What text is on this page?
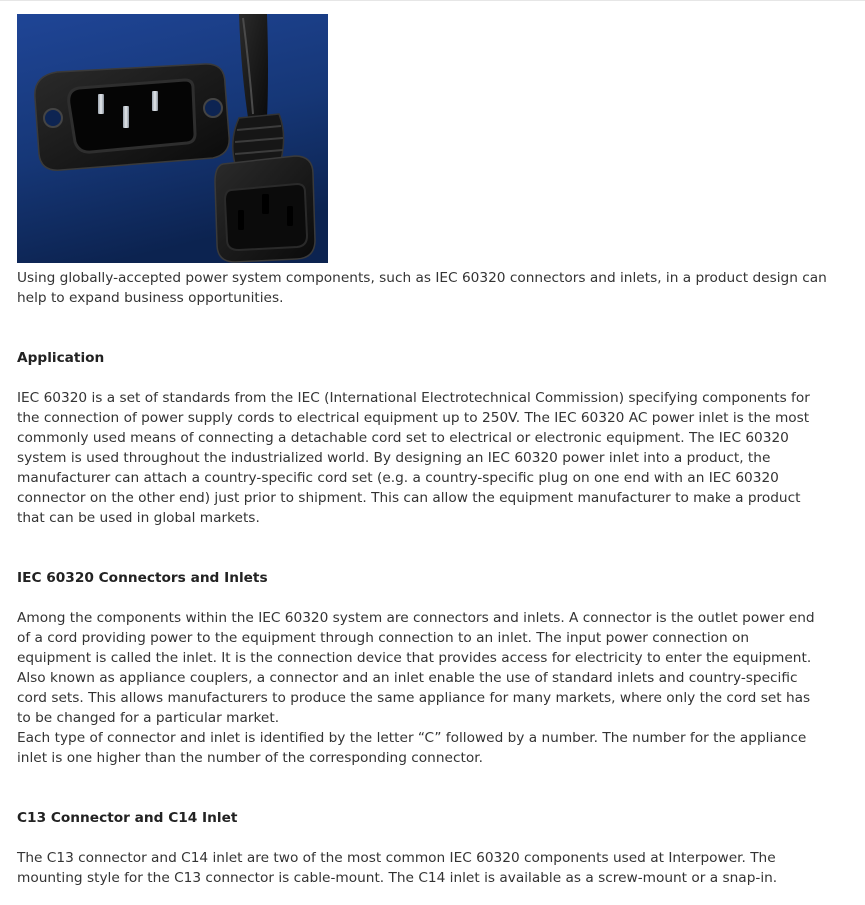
Using globally-accepted power system components, such as IEC 60320 connectors and inlets, in a product design can help to expand business opportunities.

Application

IEC 60320 is a set of standards from the IEC (International Electrotechnical Commission) specifying components for the connection of power supply cords to electrical equipment up to 250V. The IEC 60320 AC power inlet is the most commonly used means of connecting a detachable cord set to electrical or electronic equipment. The IEC 60320 system is used throughout the industrialized world. By designing an IEC 60320 power inlet into a product, the manufacturer can attach a country-specific cord set (e.g. a country-specific plug on one end with an IEC 60320 connector on the other end) just prior to shipment. This can allow the equipment manufacturer to make a product that can be used in global markets.

IEC 60320 Connectors and Inlets

Among the components within the IEC 60320 system are connectors and inlets. A connector is the outlet power end of a cord providing power to the equipment through connection to an inlet. The input power connection on equipment is called the inlet. It is the connection device that provides access for electricity to enter the equipment.

Also known as appliance couplers, a connector and an inlet enable the use of standard inlets and country-specific cord sets. This allows manufacturers to produce the same appliance for many markets, where only the cord set has to be changed for a particular market.

Each type of connector and inlet is identified by the letter “C” followed by a number. The number for the appliance inlet is one higher than the number of the corresponding connector.

C13 Connector and C14 Inlet

The C13 connector and C14 inlet are two of the most common IEC 60320 components used at Interpower. The mounting style for the C13 connector is cable-mount. The C14 inlet is available as a screw-mount or a snap-in.
